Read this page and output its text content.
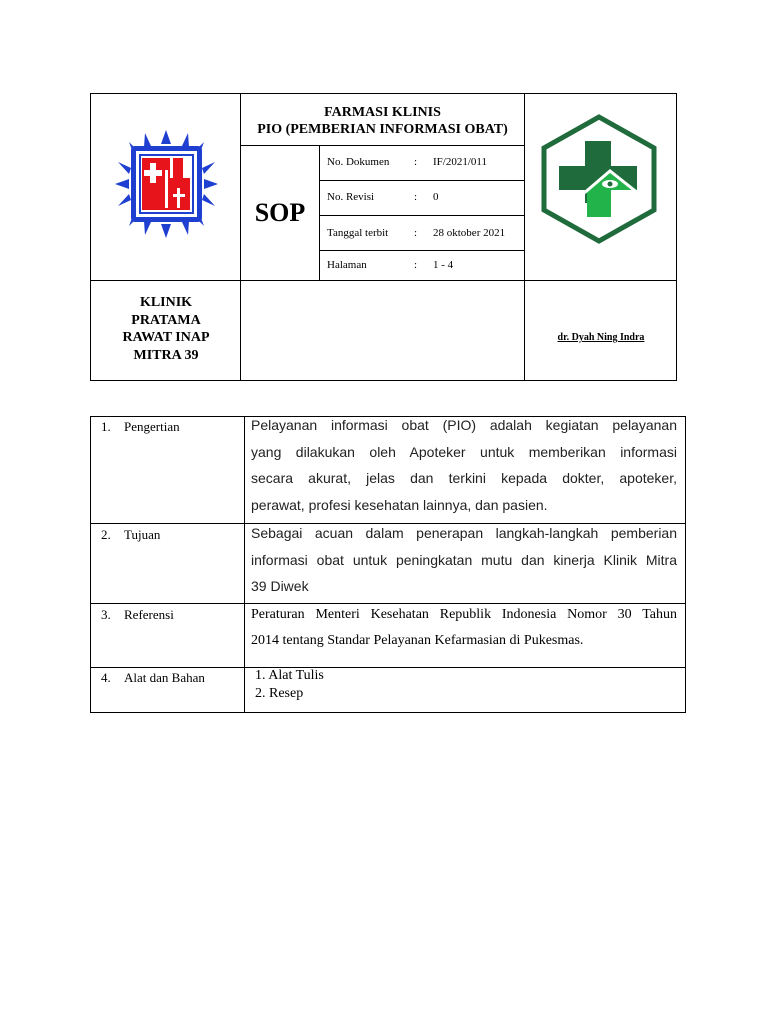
FARMASI KLINIS
PIO (PEMBERIAN INFORMASI OBAT)
SOP
No. Dokumen : IF/2021/011
No. Revisi	: 0
Tanggal terbit : 28 oktober 2021
Halaman	: 1 - 4
KLINIK
PRATAMA
RAWAT INAP
MITRA 39
dr. Dyah Ning Indra
1. Pengertian	Pelayanan informasi obat (PIO) adalah kegiatan pelayanan
yang dilakukan oleh Apoteker untuk memberikan informasi
secara akurat, jelas dan terkini kepada dokter, apoteker,
perawat, profesi kesehatan lainnya, dan pasien.
2. Tujuan	Sebagai acuan dalam penerapan langkah-langkah pemberian
informasi obat untuk peningkatan mutu dan kinerja Klinik Mitra
39 Diwek
3. Referensi	Peraturan Menteri Kesehatan Republik Indonesia Nomor 30 Tahun
2014 tentang Standar Pelayanan Kefarmasian di Pukesmas.
4. Alat dan Bahan	1. Alat Tulis
2. Resep
